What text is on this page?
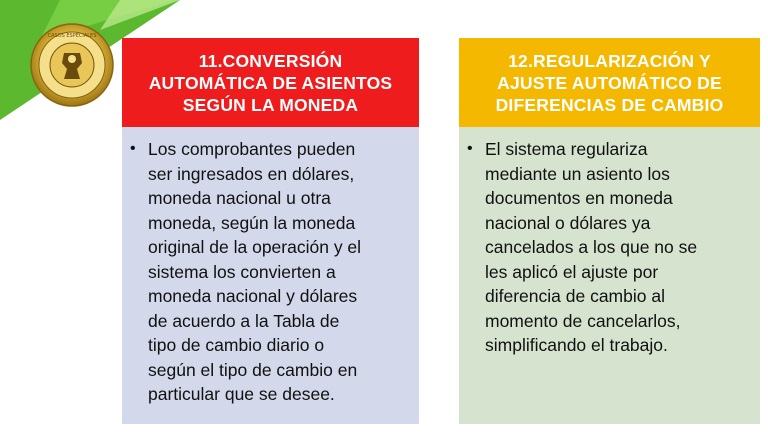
CASOS ESPECIALES
11.CONVERSIÓN
AUTOMÁTICA DE ASIENTOS
SEGÚN LA MONEDA
• Los comprobantes pueden
ser ingresados en dólares,
moneda nacional u otra
moneda, según la moneda
original de la operación y el
sistema los convierten a
moneda nacional y dólares
de acuerdo a la Tabla de
tipo de cambio diario o
según el tipo de cambio en
particular que se desee.
12.REGULARIZACIÓN Y
AJUSTE AUTOMÁTICO DE
DIFERENCIAS DE CAMBIO
• El sistema regulariza
mediante un asiento los
documentos en moneda
nacional o dólares ya
cancelados a los que no se
les aplicó el ajuste por
diferencia de cambio al
momento de cancelarlos,
simplificando el trabajo.
